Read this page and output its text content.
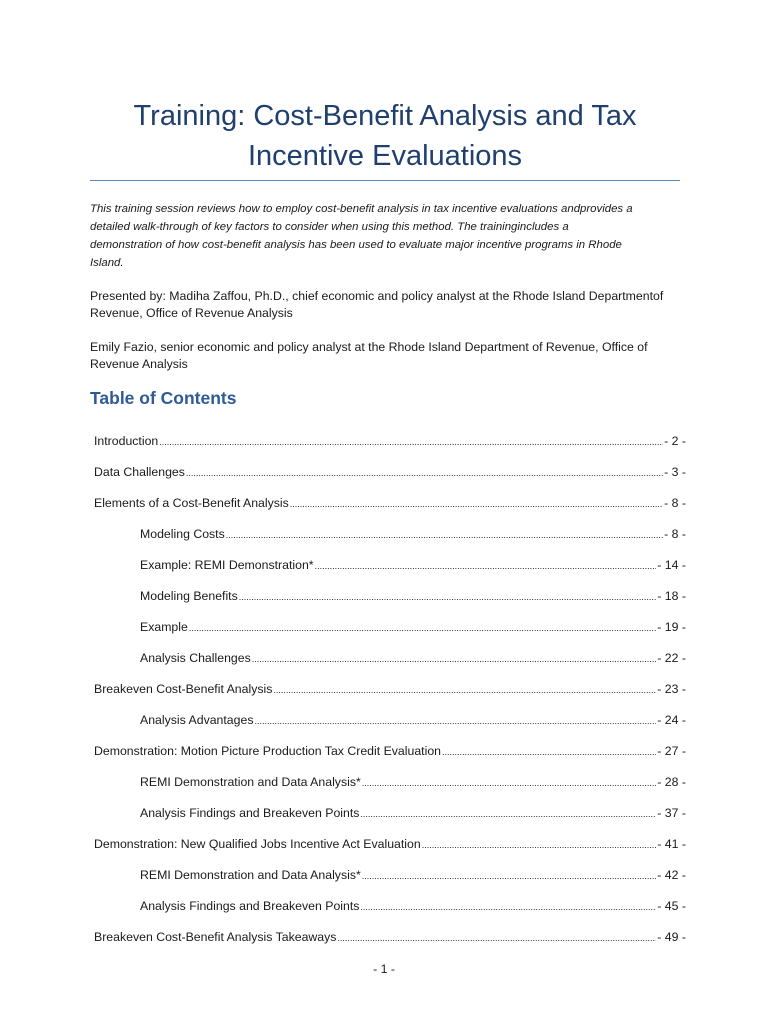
Training: Cost-Benefit Analysis and Tax
Incentive Evaluations

This training session reviews how to employ cost-benefit analysis in tax incentive evaluations andprovides a detailed walk-through of key factors to consider when using this method. The trainingincludes a demonstration of how cost-benefit analysis has been used to evaluate major incentive programs in Rhode Island.

Presented by: Madiha Zaffou, Ph.D., chief economic and policy analyst at the Rhode Island Departmentof Revenue, Office of Revenue Analysis

Emily Fazio, senior economic and policy analyst at the Rhode Island Department of Revenue, Office of Revenue Analysis

Table of Contents
Introduction .....	- 2 -
Data Challenges .....	- 3 -
Elements of a Cost-Benefit Analysis .....	- 8 -
Modeling Costs .....	- 8 -
Example: REMI Demonstration* .....	- 14 -
Modeling Benefits .....	- 18 -
Example .....	- 19 -
Analysis Challenges .....	- 22 -
Breakeven Cost-Benefit Analysis .....	- 23 -
Analysis Advantages .....	- 24 -
Demonstration: Motion Picture Production Tax Credit Evaluation .....	- 27 -
REMI Demonstration and Data Analysis* .....	- 28 -
Analysis Findings and Breakeven Points .....	- 37 -
Demonstration: New Qualified Jobs Incentive Act Evaluation .....	- 41 -
REMI Demonstration and Data Analysis* .....	- 42 -
Analysis Findings and Breakeven Points .....	- 45 -
Breakeven Cost-Benefit Analysis Takeaways .....	- 49 -
- 1 -
